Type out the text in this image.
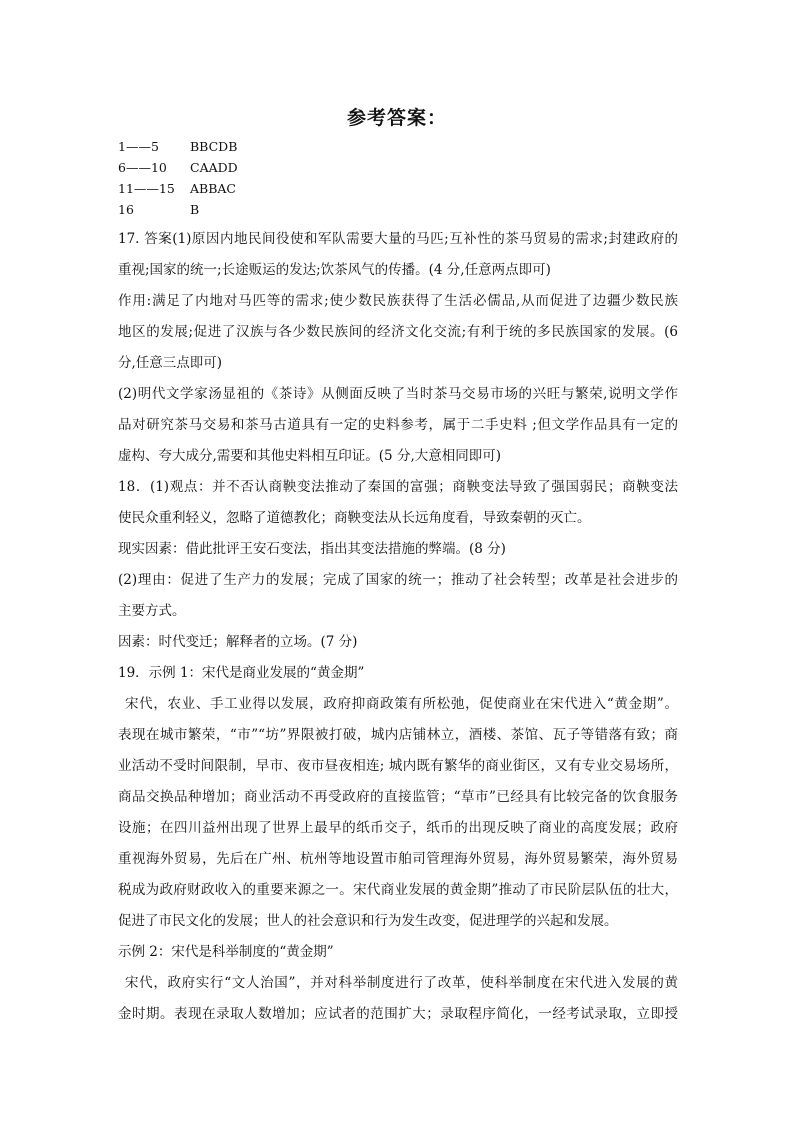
参考答案：
1——5	BBCDB
6——10	CAADD
11——15	ABBAC
16	B

17. 答案(1)原因内地民间役使和军队需要大量的马匹;互补性的茶马贸易的需求;封建政府的

重视;国家的统一;长途贩运的发达;饮茶风气的传播。(4 分,任意两点即可)

作用:满足了内地对马匹等的需求;使少数民族获得了生活必儒品,从而促进了边疆少数民族

地区的发展;促进了汉族与各少数民族间的经济文化交流;有利于统的多民族国家的发展。(6

分,任意三点即可)

(2)明代文学家汤显祖的《茶诗》从侧面反映了当时茶马交易市场的兴旺与繁荣,说明文学作

品对研究茶马交易和茶马古道具有一定的史料参考，属于二手史料 ;但文学作品具有一定的

虚构、夸大成分,需要和其他史料相互印证。(5 分,大意相同即可)

18．(1)观点：并不否认商鞅变法推动了秦国的富强；商鞅变法导致了强国弱民；商鞅变法

使民众重利轻义，忽略了道德教化；商鞅变法从长远角度看，导致秦朝的灭亡。

现实因素：借此批评王安石变法，指出其变法措施的弊端。(8 分)

(2)理由：促进了生产力的发展；完成了国家的统一；推动了社会转型；改革是社会进步的

主要方式。

因素：时代变迁；解释者的立场。(7 分)

19．示例 1：宋代是商业发展的“黄金期”

宋代，农业、手工业得以发展，政府抑商政策有所松弛，促使商业在宋代进入“黄金期”。

表现在城市繁荣，“市”“坊”界限被打破，城内店铺林立，酒楼、茶馆、瓦子等错落有致；商

业活动不受时间限制，早市、夜市昼夜相连; 城内既有繁华的商业街区，又有专业交易场所，

商品交换品种增加；商业活动不再受政府的直接监管；“草市”已经具有比较完备的饮食服务

设施；在四川益州出现了世界上最早的纸币交子，纸币的出现反映了商业的高度发展；政府

重视海外贸易，先后在广州、杭州等地设置市舶司管理海外贸易，海外贸易繁荣，海外贸易

税成为政府财政收入的重要来源之一。宋代商业发展的黄金期”推动了市民阶层队伍的壮大，

促进了市民文化的发展；世人的社会意识和行为发生改变，促进理学的兴起和发展。

示例 2：宋代是科举制度的“黄金期”

宋代，政府实行“文人治国”，并对科举制度进行了改革，使科举制度在宋代进入发展的黄

金时期。表现在录取人数增加；应试者的范围扩大；录取程序简化，一经考试录取，立即授
